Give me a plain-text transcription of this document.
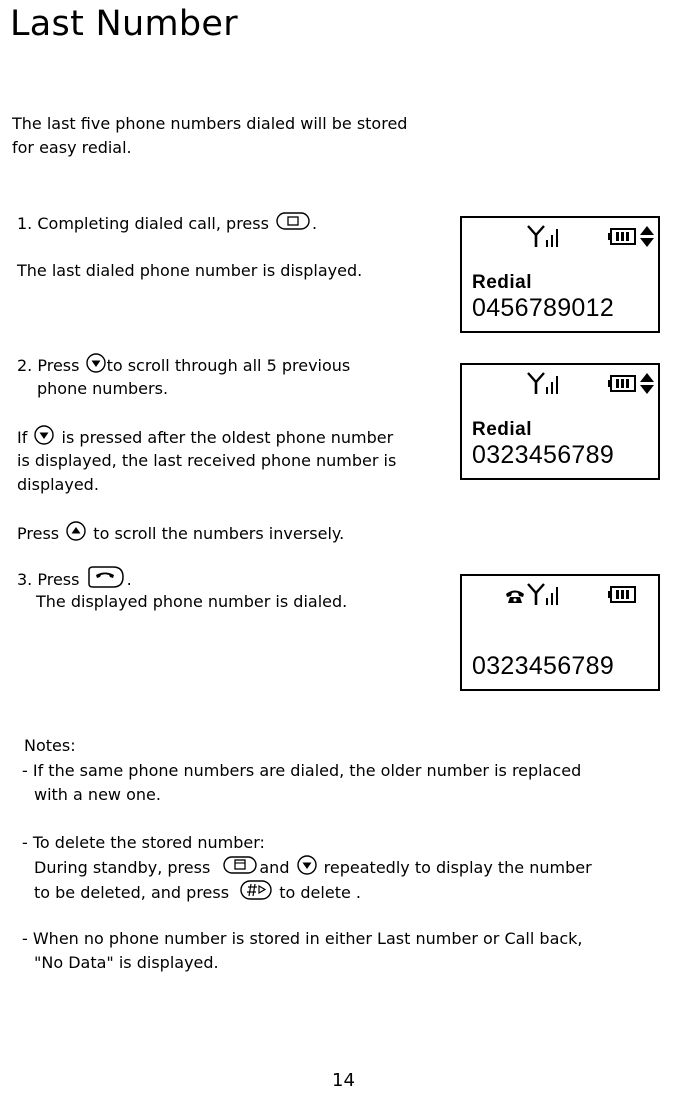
Last Number
The last five phone numbers dialed will be stored
for easy redial.
1. Completing dialed call, press	.
The last dialed phone number is displayed.
2. Press to scroll through all 5 previous
phone numbers.
If is pressed after the oldest phone number
is displayed, the last received phone number is
displayed.
Press to scroll the numbers inversely.
3. Press	.
The displayed phone number is dialed.
Redial
0456789012
Redial
0323456789
0323456789
Notes:
- If the same phone numbers are dialed, the older number is replaced
with a new one.
- To delete the stored number:
During standby, press	and repeatedly to display the number
to be deleted, and press	to delete .
- When no phone number is stored in either Last number or Call back,
"No Data" is displayed.
14
